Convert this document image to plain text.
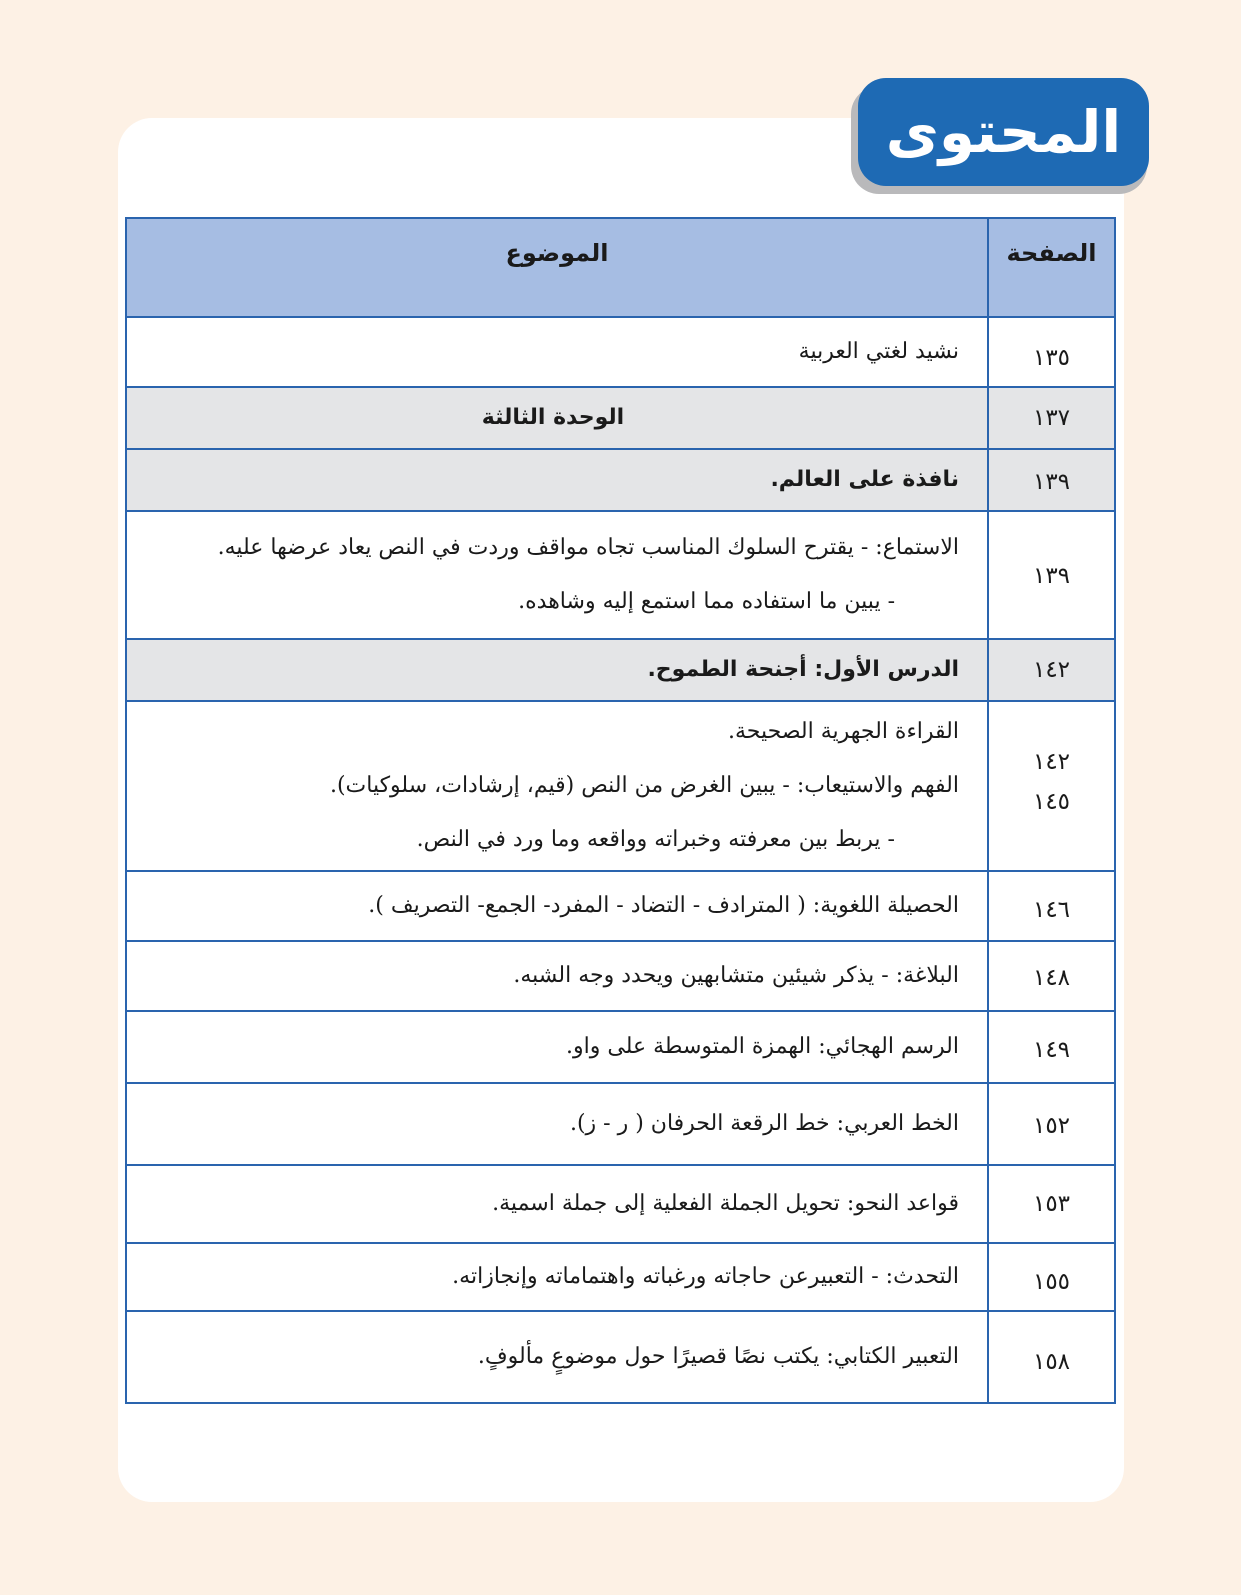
المحتوى
الصفحة	الموضوع

١٣٥	نشيد لغتي العربية

١٣٧	الوحدة الثالثة

١٣٩	نافذة على العالم.

١٣٩	الاستماع: - يقترح السلوك المناسب تجاه مواقف وردت في النص يعاد عرضها عليه.
- يبين ما استفاده مما استمع إليه وشاهده.

١٤٢	الدرس الأول: أجنحة الطموح.

١٤٢
١٤٥	القراءة الجهرية الصحيحة.
الفهم والاستيعاب: - يبين الغرض من النص (قيم، إرشادات، سلوكيات).
- يربط بين معرفته وخبراته وواقعه وما ورد في النص.

١٤٦	الحصيلة اللغوية: ( المترادف - التضاد - المفرد- الجمع- التصريف ).

١٤٨	البلاغة: - يذكر شيئين متشابهين ويحدد وجه الشبه.

١٤٩	الرسم الهجائي: الهمزة المتوسطة على واو.

١٥٢	الخط العربي: خط الرقعة الحرفان ( ر - ز).

١٥٣	قواعد النحو: تحويل الجملة الفعلية إلى جملة اسمية.

١٥٥	التحدث: - التعبيرعن حاجاته ورغباته واهتماماته وإنجازاته.

١٥٨	التعبير الكتابي: يكتب نصًا قصيرًا حول موضوعٍ مألوفٍ.
